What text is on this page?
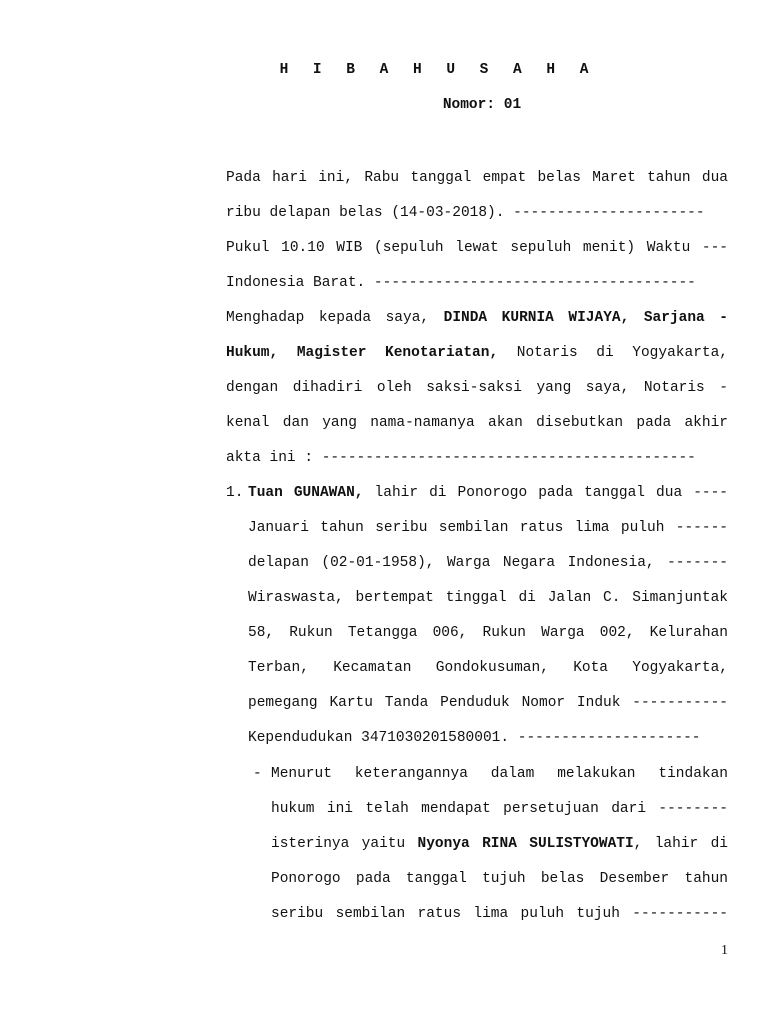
H I B A H U S A H A
Nomor: 01
Pada hari ini, Rabu tanggal empat belas Maret tahun dua
ribu delapan belas (14-03-2018). ----------------------
Pukul 10.10 WIB (sepuluh lewat sepuluh menit) Waktu ---
Indonesia Barat. -------------------------------------
Menghadap kepada saya, DINDA KURNIA WIJAYA, Sarjana -
Hukum, Magister Kenotariatan, Notaris di Yogyakarta,
dengan dihadiri oleh saksi-saksi yang saya, Notaris -
kenal dan yang nama-namanya akan disebutkan pada akhir
akta ini : -------------------------------------------
1. Tuan GUNAWAN, lahir di Ponorogo pada tanggal dua ----
Januari tahun seribu sembilan ratus lima puluh ------
delapan (02-01-1958), Warga Negara Indonesia, -------
Wiraswasta, bertempat tinggal di Jalan C. Simanjuntak
58, Rukun Tetangga 006, Rukun Warga 002, Kelurahan
Terban, Kecamatan Gondokusuman, Kota Yogyakarta,
pemegang Kartu Tanda Penduduk Nomor Induk -----------
Kependudukan 3471030201580001. ---------------------
- Menurut keterangannya dalam melakukan tindakan
hukum ini telah mendapat persetujuan dari --------
isterinya yaitu Nyonya RINA SULISTYOWATI, lahir di
Ponorogo pada tanggal tujuh belas Desember tahun
seribu sembilan ratus lima puluh tujuh -----------
1
